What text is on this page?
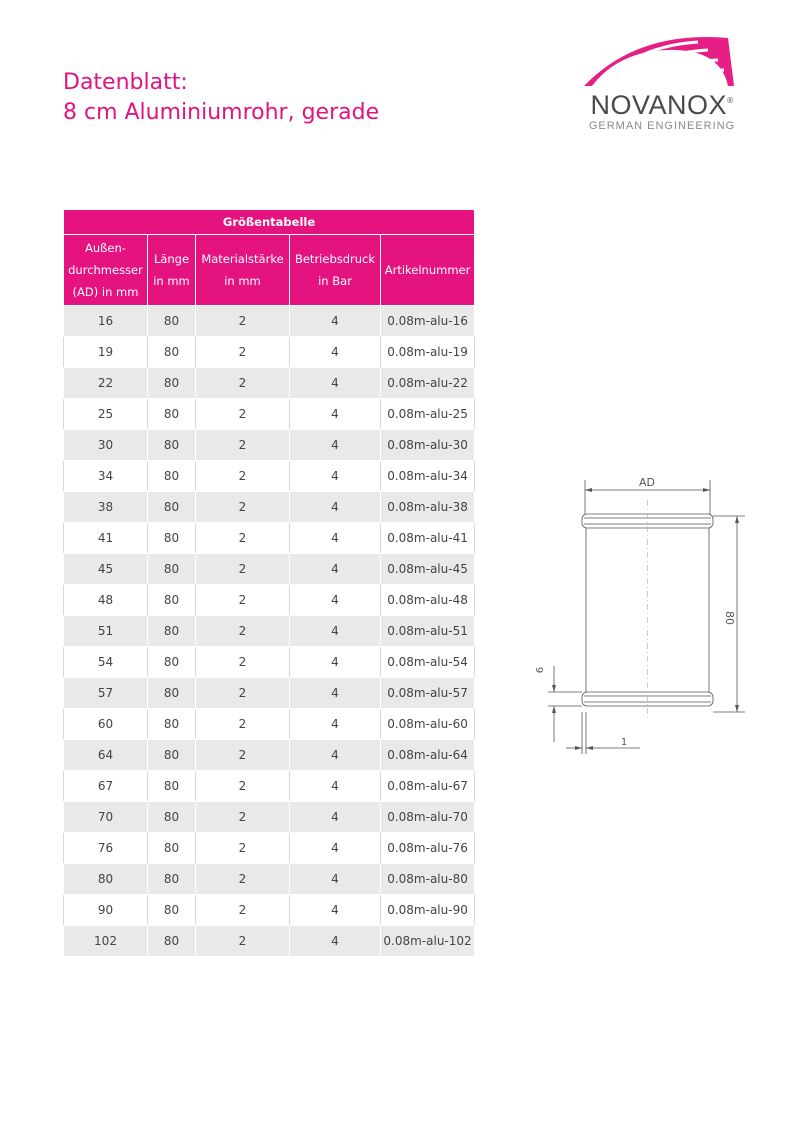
Datenblatt:
8 cm Aluminiumrohr, gerade	NOVANOX®
GERMAN ENGINEERING
Größentabelle				
Außen-durchmesser (AD) in mm	Länge in mm	Materialstärke in mm	Betriebsdruck in Bar	Artikelnummer
16	80	2	4	0.08m-alu-16
19	80	2	4	0.08m-alu-19
22	80	2	4	0.08m-alu-22
25	80	2	4	0.08m-alu-25
30	80	2	4	0.08m-alu-30
34	80	2	4	0.08m-alu-34
38	80	2	4	0.08m-alu-38
41	80	2	4	0.08m-alu-41
45	80	2	4	0.08m-alu-45
48	80	2	4	0.08m-alu-48
51	80	2	4	0.08m-alu-51
54	80	2	4	0.08m-alu-54
57	80	2	4	0.08m-alu-57
60	80	2	4	0.08m-alu-60
64	80	2	4	0.08m-alu-64
67	80	2	4	0.08m-alu-67
70	80	2	4	0.08m-alu-70
76	80	2	4	0.08m-alu-76
80	80	2	4	0.08m-alu-80
90	80	2	4	0.08m-alu-90
102	80	2	4	0.08m-alu-102
AD
80
6
1
